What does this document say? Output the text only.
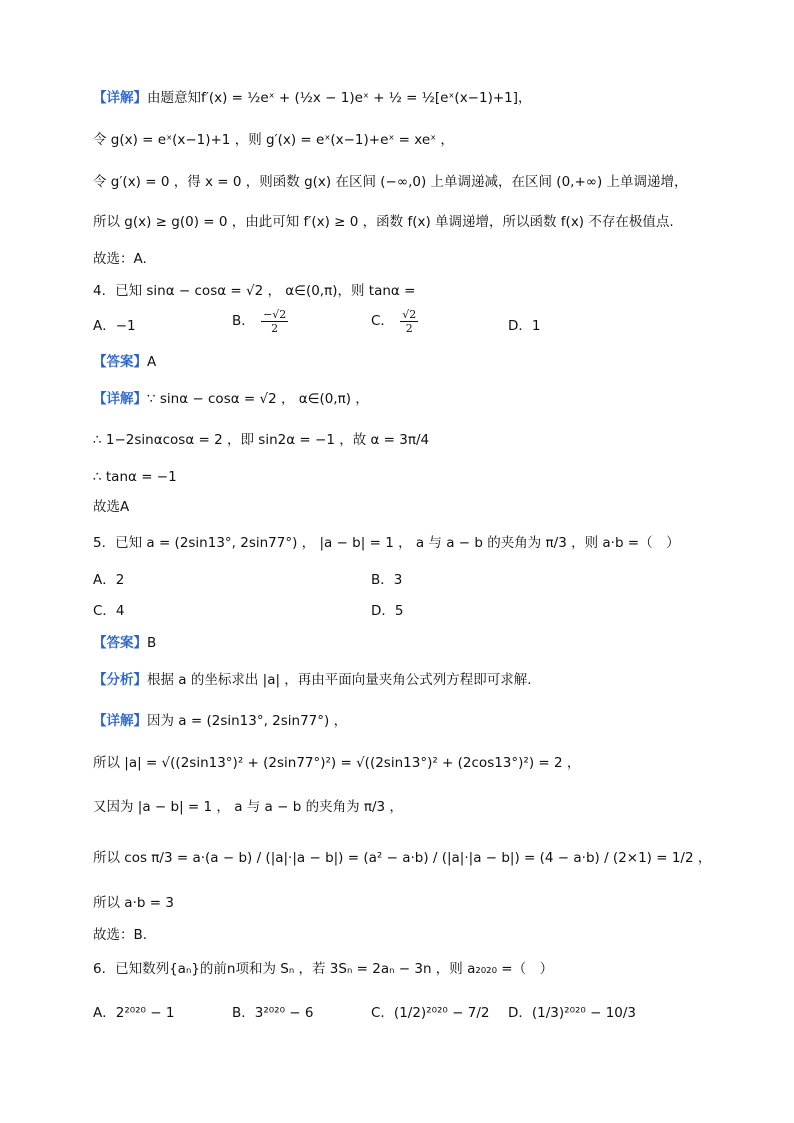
【详解】由题意知f′(x) = ½eˣ + (½x − 1)eˣ + ½ = ½[eˣ(x−1)+1]，
令 g(x) = eˣ(x−1)+1 ，则 g′(x) = eˣ(x−1)+eˣ = xeˣ ，
令 g′(x) = 0 ，得 x = 0 ，则函数 g(x) 在区间 (−∞,0) 上单调递减，在区间 (0,+∞) 上单调递增，
所以 g(x) ≥ g(0) = 0 ，由此可知 f′(x) ≥ 0 ，函数 f(x) 单调递增，所以函数 f(x) 不存在极值点.
故选：A.
4．已知 sinα − cosα = √2 ， α∈(0,π)，则 tanα =
A．−1	B． $\frac{-√2}{2}$	C． $\frac{√2}{2}$	D．1
【答案】A
【详解】∵ sinα − cosα = √2 ， α∈(0,π) ，
∴ 1−2sinαcosα = 2 ，即 sin2α = −1 ，故 α = 3π/4
∴ tanα = −1
故选A
5．已知 a = (2sin13°, 2sin77°) ， |a − b| = 1 ， a 与 a − b 的夹角为 π/3 ，则 a·b =（　）
A．2	B．3
C．4	D．5
【答案】B
【分析】根据 a 的坐标求出 |a| ，再由平面向量夹角公式列方程即可求解.
【详解】因为 a = (2sin13°, 2sin77°) ，
所以 |a| = √((2sin13°)² + (2sin77°)²) = √((2sin13°)² + (2cos13°)²) = 2 ，
又因为 |a − b| = 1 ， a 与 a − b 的夹角为 π/3 ，
所以 cos π/3 = a·(a − b) / (|a|·|a − b|) = (a² − a·b) / (|a|·|a − b|) = (4 − a·b) / (2×1) = 1/2 ，
所以 a·b = 3
故选：B.
6．已知数列{aₙ}的前n项和为 Sₙ ，若 3Sₙ = 2aₙ − 3n ，则 a₂₀₂₀ =（　）
A．2²⁰²⁰ − 1	B．3²⁰²⁰ − 6	C．(1/2)²⁰²⁰ − 7/2 D．(1/3)²⁰²⁰ − 10/3
